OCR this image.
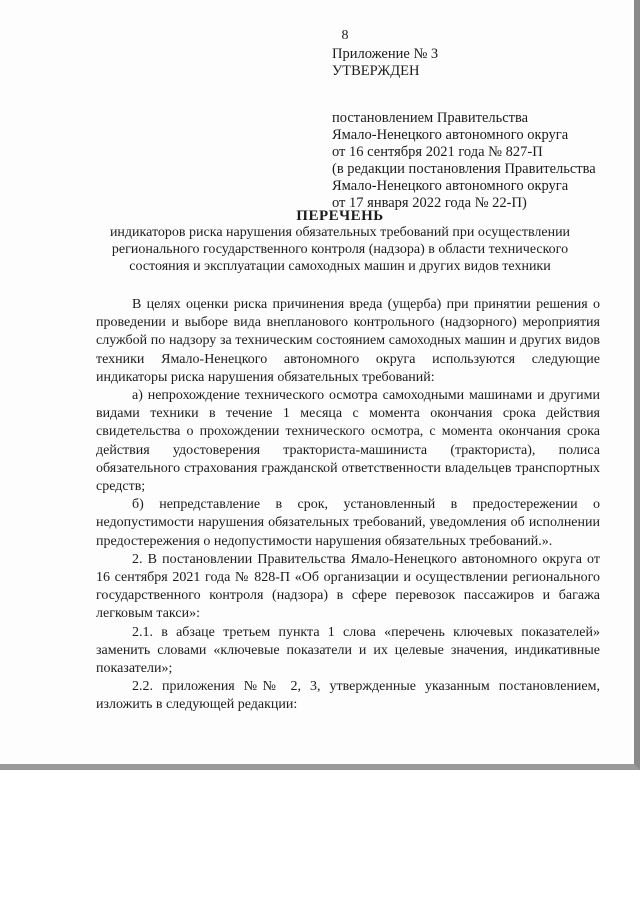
8
Приложение № 3
УТВЕРЖДЕН
постановлением Правительства
Ямало-Ненецкого автономного округа
от 16 сентября 2021 года № 827-П
(в редакции постановления Правительства
Ямало-Ненецкого автономного округа
от 17 января 2022 года № 22-П)
ПЕРЕЧЕНЬ
индикаторов риска нарушения обязательных требований при осуществлении
регионального государственного контроля (надзора) в области технического
состояния и эксплуатации самоходных машин и других видов техники

В целях оценки риска причинения вреда (ущерба) при принятии решения о проведении и выборе вида внепланового контрольного (надзорного) мероприятия службой по надзору за техническим состоянием самоходных машин и других видов техники Ямало-Ненецкого автономного округа используются следующие индикаторы риска нарушения обязательных требований:

а) непрохождение технического осмотра самоходными машинами и другими видами техники в течение 1 месяца с момента окончания срока действия свидетельства о прохождении технического осмотра, с момента окончания срока действия удостоверения тракториста-машиниста (тракториста), полиса обязательного страхования гражданской ответственности владельцев транспортных средств;

б) непредставление в срок, установленный в предостережении о недопустимости нарушения обязательных требований, уведомления об исполнении предостережения о недопустимости нарушения обязательных требований.».

2. В постановлении Правительства Ямало-Ненецкого автономного округа от 16 сентября 2021 года № 828-П «Об организации и осуществлении регионального государственного контроля (надзора) в сфере перевозок пассажиров и багажа легковым такси»:

2.1. в абзаце третьем пункта 1 слова «перечень ключевых показателей» заменить словами «ключевые показатели и их целевые значения, индикативные показатели»;

2.2. приложения №№ 2, 3, утвержденные указанным постановлением, изложить в следующей редакции:
